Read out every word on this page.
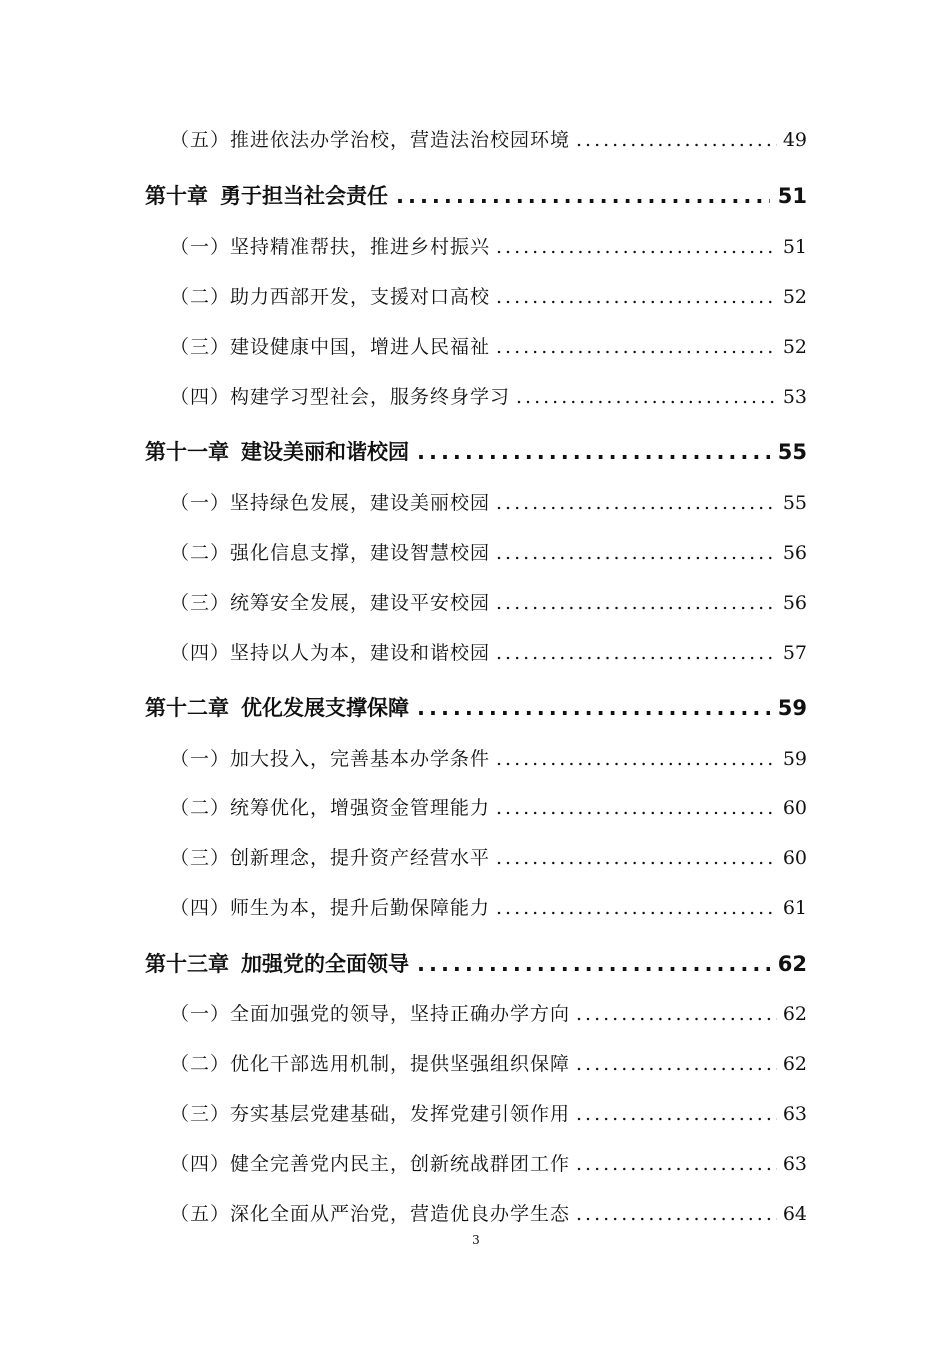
（五）推进依法办学治校，营造法治校园环境 .....	49
第十章 勇于担当社会责任 .....	51
（一）坚持精准帮扶，推进乡村振兴 .....	51
（二）助力西部开发，支援对口高校 .....	52
（三）建设健康中国，增进人民福祉 .....	52
（四）构建学习型社会，服务终身学习 .....	53
第十一章 建设美丽和谐校园 .....	55
（一）坚持绿色发展，建设美丽校园 .....	55
（二）强化信息支撑，建设智慧校园 .....	56
（三）统筹安全发展，建设平安校园 .....	56
（四）坚持以人为本，建设和谐校园 .....	57
第十二章 优化发展支撑保障 .....	59
（一）加大投入，完善基本办学条件 .....	59
（二）统筹优化，增强资金管理能力 .....	60
（三）创新理念，提升资产经营水平 .....	60
（四）师生为本，提升后勤保障能力 .....	61
第十三章 加强党的全面领导 .....	62
（一）全面加强党的领导，坚持正确办学方向 .....	62
（二）优化干部选用机制，提供坚强组织保障 .....	62
（三）夯实基层党建基础，发挥党建引领作用 .....	63
（四）健全完善党内民主，创新统战群团工作 .....	63
（五）深化全面从严治党，营造优良办学生态 .....	64
3
